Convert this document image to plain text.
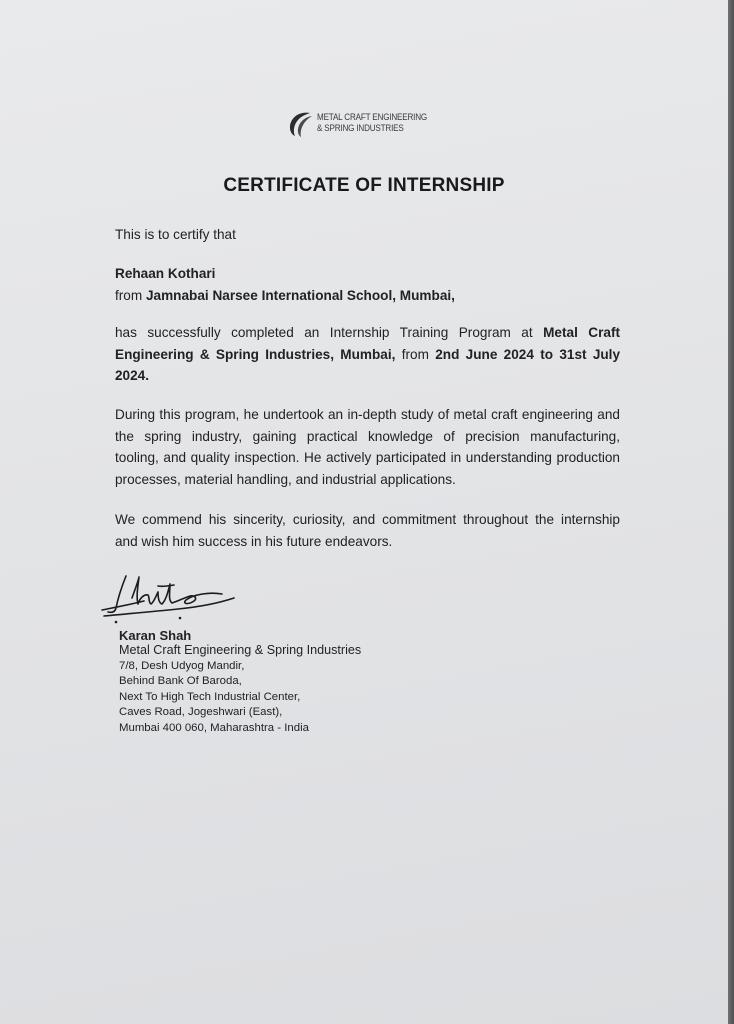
METAL CRAFT ENGINEERING
& SPRING INDUSTRIES
CERTIFICATE OF INTERNSHIP
This is to certify that
Rehaan Kothari
from Jamnabai Narsee International School, Mumbai,
has successfully completed an Internship Training Program at Metal Craft
Engineering & Spring Industries, Mumbai, from 2nd June 2024 to 31st July
2024.
During this program, he undertook an in-depth study of metal craft engineering and
the spring industry, gaining practical knowledge of precision manufacturing,
tooling, and quality inspection. He actively participated in understanding production
processes, material handling, and industrial applications.
We commend his sincerity, curiosity, and commitment throughout the internship
and wish him success in his future endeavors.
Karan Shah
Metal Craft Engineering & Spring Industries
7/8, Desh Udyog Mandir,
Behind Bank Of Baroda,
Next To High Tech Industrial Center,
Caves Road, Jogeshwari (East),
Mumbai 400 060, Maharashtra - India
